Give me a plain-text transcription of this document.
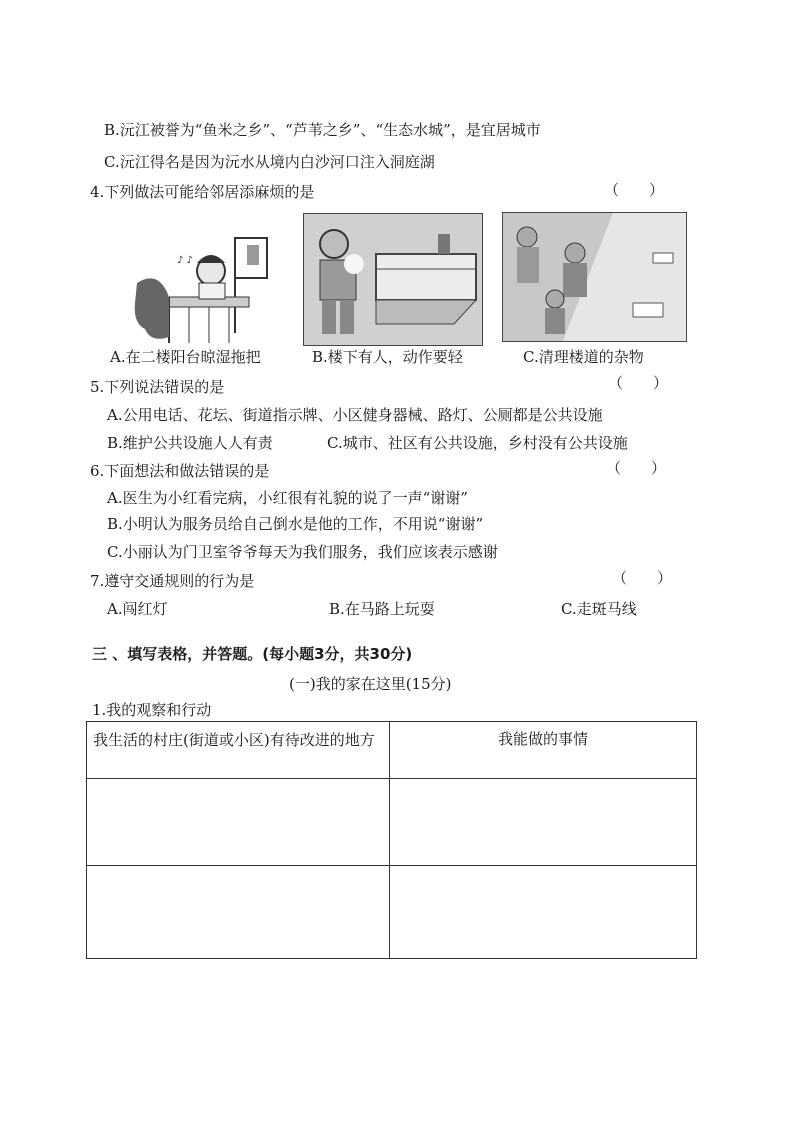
B.沅江被誉为“鱼米之乡”、“芦苇之乡”、“生态水城”，是宜居城市
C.沅江得名是因为沅水从境内白沙河口注入洞庭湖
4.下列做法可能给邻居添麻烦的是	（　　）
♪ ♪
A.在二楼阳台晾湿拖把	B.楼下有人，动作要轻	C.清理楼道的杂物
5.下列说法错误的是	（　　）
A.公用电话、花坛、街道指示牌、小区健身器械、路灯、公厕都是公共设施
B.维护公共设施人人有责	C.城市、社区有公共设施，乡村没有公共设施
6.下面想法和做法错误的是	（　　）
A.医生为小红看完病，小红很有礼貌的说了一声“谢谢”
B.小明认为服务员给自己倒水是他的工作，不用说“谢谢”
C.小丽认为门卫室爷爷每天为我们服务，我们应该表示感谢
7.遵守交通规则的行为是	（　　）
A.闯红灯	B.在马路上玩耍	C.走斑马线
三 、填写表格，并答题。(每小题3分，共30分)
(一)我的家在这里(15分)
1.我的观察和行动
我生活的村庄(街道或小区)有待改进的地方	我能做的事情
